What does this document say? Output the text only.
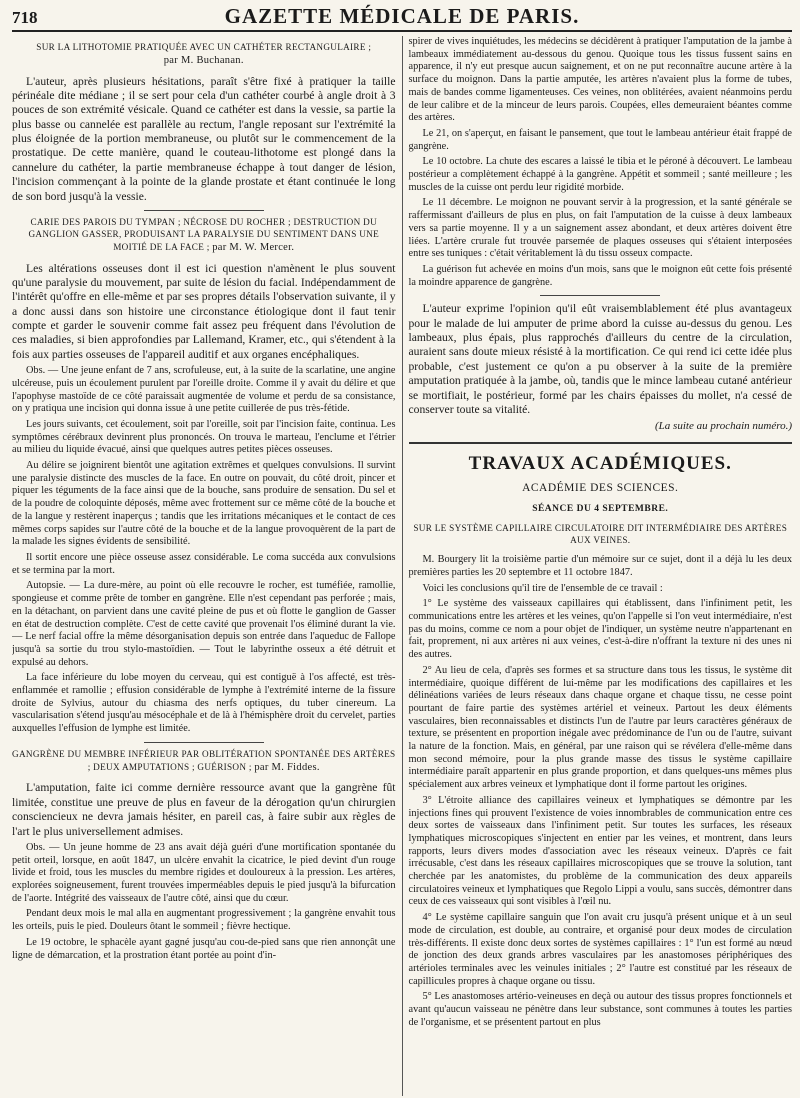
718	GAZETTE MÉDICALE DE PARIS.
SUR LA LITHOTOMIE PRATIQUÉE AVEC UN CATHÉTER RECTANGULAIRE ;
par M. Buchanan.

L'auteur, après plusieurs hésitations, paraît s'être fixé à pratiquer la taille périnéale dite médiane ; il se sert pour cela d'un cathéter courbé à angle droit à 3 pouces de son extrémité vésicale. Quand ce cathéter est dans la vessie, sa partie la plus basse ou cannelée est parallèle au rectum, l'angle reposant sur l'extrémité la plus éloignée de la portion membraneuse, ou plutôt sur le commencement de la prostatique. De cette manière, quand le couteau-lithotome est plongé dans la cannelure du cathéter, la partie membraneuse échappe à tout danger de lésion, l'incision commençant à la pointe de la glande prostate et étant continuée le long de son bord jusqu'à la vessie.

CARIE DES PAROIS DU TYMPAN ; NÉCROSE DU ROCHER ; DESTRUCTION DU GANGLION GASSER, PRODUISANT LA PARALYSIE DU SENTIMENT DANS UNE MOITIÉ DE LA FACE ; par M. W. Mercer.

Les altérations osseuses dont il est ici question n'amènent le plus souvent qu'une paralysie du mouvement, par suite de lésion du facial. Indépendamment de l'intérêt qu'offre en elle-même et par ses propres détails l'observation suivante, il y a donc aussi dans son histoire une circonstance étiologique dont il faut tenir compte et garder le souvenir comme fait assez peu fréquent dans l'évolution de ces maladies, si bien approfondies par Lallemand, Kramer, etc., qui s'étendent à la fois aux parties osseuses de l'appareil auditif et aux organes encéphaliques.

Obs. — Une jeune enfant de 7 ans, scrofuleuse, eut, à la suite de la scarlatine, une angine ulcéreuse, puis un écoulement purulent par l'oreille droite. Comme il y avait du délire et que l'apophyse mastoïde de ce côté paraissait augmentée de volume et perdu de sa consistance, on y pratiqua une incision qui donna issue à une petite cuillerée de pus très-fétide.

Les jours suivants, cet écoulement, soit par l'oreille, soit par l'incision faite, continua. Les symptômes cérébraux devinrent plus prononcés. On trouva le marteau, l'enclume et l'étrier au milieu du liquide évacué, ainsi que quelques autres petites pièces osseuses.

Au délire se joignirent bientôt une agitation extrêmes et quelques convulsions. Il survint une paralysie distincte des muscles de la face. En outre on pouvait, du côté droit, pincer et piquer les téguments de la face ainsi que de la bouche, sans produire de sensation. Du sel et de la poudre de coloquinte déposés, même avec frottement sur ce même côté de la bouche et de la langue y restèrent inaperçus ; tandis que les irritations mécaniques et le contact de ces mêmes corps sapides sur l'autre côté de la bouche et de la langue provoquèrent de la part de la malade les signes évidents de sensibilité.

Il sortit encore une pièce osseuse assez considérable. Le coma succéda aux convulsions et se termina par la mort.

Autopsie. — La dure-mère, au point où elle recouvre le rocher, est tuméfiée, ramollie, spongieuse et comme prête de tomber en gangrène. Elle n'est cependant pas perforée ; mais, en la détachant, on parvient dans une cavité pleine de pus et où flotte le ganglion de Gasser en état de destruction complète. C'est de cette cavité que provenait l'os éliminé durant la vie. — Le nerf facial offre la même désorganisation depuis son entrée dans l'aqueduc de Fallope jusqu'à sa sortie du trou stylo-mastoïdien. — Tout le labyrinthe osseux a été détruit et expulsé au dehors.

La face inférieure du lobe moyen du cerveau, qui est contiguë à l'os affecté, est très-enflammée et ramollie ; effusion considérable de lymphe à l'extrémité interne de la fissure droite de Sylvius, autour du chiasma des nerfs optiques, du tuber cinereum. La vascularisation s'étend jusqu'au mésocéphale et de là à l'hémisphère droit du cervelet, parties auxquelles l'effusion de lymphe est limitée.

GANGRÈNE DU MEMBRE INFÉRIEUR PAR OBLITÉRATION SPONTANÉE DES ARTÈRES ; DEUX AMPUTATIONS ; GUÉRISON ; par M. Fiddes.

L'amputation, faite ici comme dernière ressource avant que la gangrène fût limitée, constitue une preuve de plus en faveur de la dérogation qu'un chirurgien consciencieux ne devra jamais hésiter, en pareil cas, à faire subir aux règles de l'art le plus universellement admises.

Obs. — Un jeune homme de 23 ans avait déjà guéri d'une mortification spontanée du petit orteil, lorsque, en août 1847, un ulcère envahit la cicatrice, le pied devint d'un rouge livide et froid, tous les muscles du membre rigides et douloureux à la pression. Les artères, explorées soigneusement, furent trouvées imperméables depuis le pied jusqu'à la bifurcation de l'aorte. Intégrité des vaisseaux de l'autre côté, ainsi que du cœur.

Pendant deux mois le mal alla en augmentant progressivement ; la gangrène envahit tous les orteils, puis le pied. Douleurs ôtant le sommeil ; fièvre hectique.

Le 19 octobre, le sphacèle ayant gagné jusqu'au cou-de-pied sans que rien annonçât une ligne de démarcation, et la prostration étant portée au point d'in-

spirer de vives inquiétudes, les médecins se décidèrent à pratiquer l'amputation de la jambe à lambeaux immédiatement au-dessous du genou. Quoique tous les tissus fussent sains en apparence, il n'y eut presque aucun saignement, et on ne put reconnaître aucune artère à la surface du moignon. Dans la partie amputée, les artères n'avaient plus la forme de tubes, mais de bandes comme ligamenteuses. Ces veines, non oblitérées, avaient néanmoins perdu de leur calibre et de la minceur de leurs parois. Coupées, elles demeuraient béantes comme des artères.

Le 21, on s'aperçut, en faisant le pansement, que tout le lambeau antérieur était frappé de gangrène.

Le 10 octobre. La chute des escares a laissé le tibia et le péroné à découvert. Le lambeau postérieur a complètement échappé à la gangrène. Appétit et sommeil ; santé meilleure ; les muscles de la cuisse ont perdu leur rigidité morbide.

Le 11 décembre. Le moignon ne pouvant servir à la progression, et la santé générale se raffermissant d'ailleurs de plus en plus, on fait l'amputation de la cuisse à deux lambeaux vers sa partie moyenne. Il y a un saignement assez abondant, et deux artères doivent être liées. L'artère crurale fut trouvée parsemée de plaques osseuses qui s'étaient interposées entre ses tuniques : c'était véritablement là du tissu osseux compacte.

La guérison fut achevée en moins d'un mois, sans que le moignon eût cette fois présenté la moindre apparence de gangrène.

L'auteur exprime l'opinion qu'il eût vraisemblablement été plus avantageux pour le malade de lui amputer de prime abord la cuisse au-dessus du genou. Les lambeaux, plus épais, plus rapprochés d'ailleurs du centre de la circulation, auraient sans doute mieux résisté à la mortification. Ce qui rend ici cette idée plus probable, c'est justement ce qu'on a pu observer à la suite de la première amputation pratiquée à la jambe, où, tandis que le mince lambeau cutané antérieur se mortifiait, le postérieur, formé par les chairs épaisses du mollet, n'a cessé de conserver toute sa vitalité.

(La suite au prochain numéro.)
TRAVAUX ACADÉMIQUES.
ACADÉMIE DES SCIENCES.
SÉANCE DU 4 SEPTEMBRE.
SUR LE SYSTÈME CAPILLAIRE CIRCULATOIRE DIT INTERMÉDIAIRE DES ARTÈRES AUX VEINES.

M. Bourgery lit la troisième partie d'un mémoire sur ce sujet, dont il a déjà lu les deux premières parties les 20 septembre et 11 octobre 1847.

Voici les conclusions qu'il tire de l'ensemble de ce travail :

1° Le système des vaisseaux capillaires qui établissent, dans l'infiniment petit, les communications entre les artères et les veines, qu'on l'appelle si l'on veut intermédiaire, n'est pas du moins, comme ce nom a pour objet de l'indiquer, un système neutre n'appartenant en fait, proprement, ni aux artères ni aux veines, c'est-à-dire n'offrant la texture ni des unes ni des autres.

2° Au lieu de cela, d'après ses formes et sa structure dans tous les tissus, le système dit intermédiaire, quoique différent de lui-même par les modifications des capillaires et les délinéations variées de leurs réseaux dans chaque organe et chaque tissu, ne cesse point pourtant de faire partie des systèmes artériel et veineux. Partout les deux éléments vasculaires, bien reconnaissables et distincts l'un de l'autre par leurs caractères généraux de texture, se présentent en proportion inégale avec prédominance de l'un ou de l'autre, suivant la nature de la fonction. Mais, en général, par une raison qui se révélera d'elle-même dans mon second mémoire, pour la plus grande masse des tissus le système capillaire intermédiaire paraît appartenir en plus grande proportion, et dans quelques-uns mêmes plus spécialement aux arbres veineux et lymphatique dont il forme partout les origines.

3° L'étroite alliance des capillaires veineux et lymphatiques se démontre par les injections fines qui prouvent l'existence de voies innombrables de communication entre ces deux sortes de vaisseaux dans l'infiniment petit. Sur toutes les surfaces, les réseaux lymphatiques microscopiques s'injectent en entier par les veines, et montrent, dans leurs rapports, leurs divers modes d'association avec les réseaux veineux. D'après ce fait irrécusable, c'est dans les réseaux capillaires microscopiques que se trouve la solution, tant cherchée par les anatomistes, du problème de la communication des deux appareils circulatoires veineux et lymphatiques que Regolo Lippi a voulu, sans succès, démontrer dans ceux de ces vaisseaux qui sont visibles à l'œil nu.

4° Le système capillaire sanguin que l'on avait cru jusqu'à présent unique et à un seul mode de circulation, est double, au contraire, et organisé pour deux modes de circulation très-différents. Il existe donc deux sortes de systèmes capillaires : 1° l'un est formé au nœud de jonction des deux grands arbres vasculaires par les anastomoses périphériques des artérioles terminales avec les veinules initiales ; 2° l'autre est constitué par les réseaux de capillicules propres à chaque organe ou tissu.

5° Les anastomoses artério-veineuses en deçà ou autour des tissus propres fonctionnels et avant qu'aucun vaisseau ne pénètre dans leur substance, sont communes à toutes les parties de l'organisme, et se présentent partout en plus
